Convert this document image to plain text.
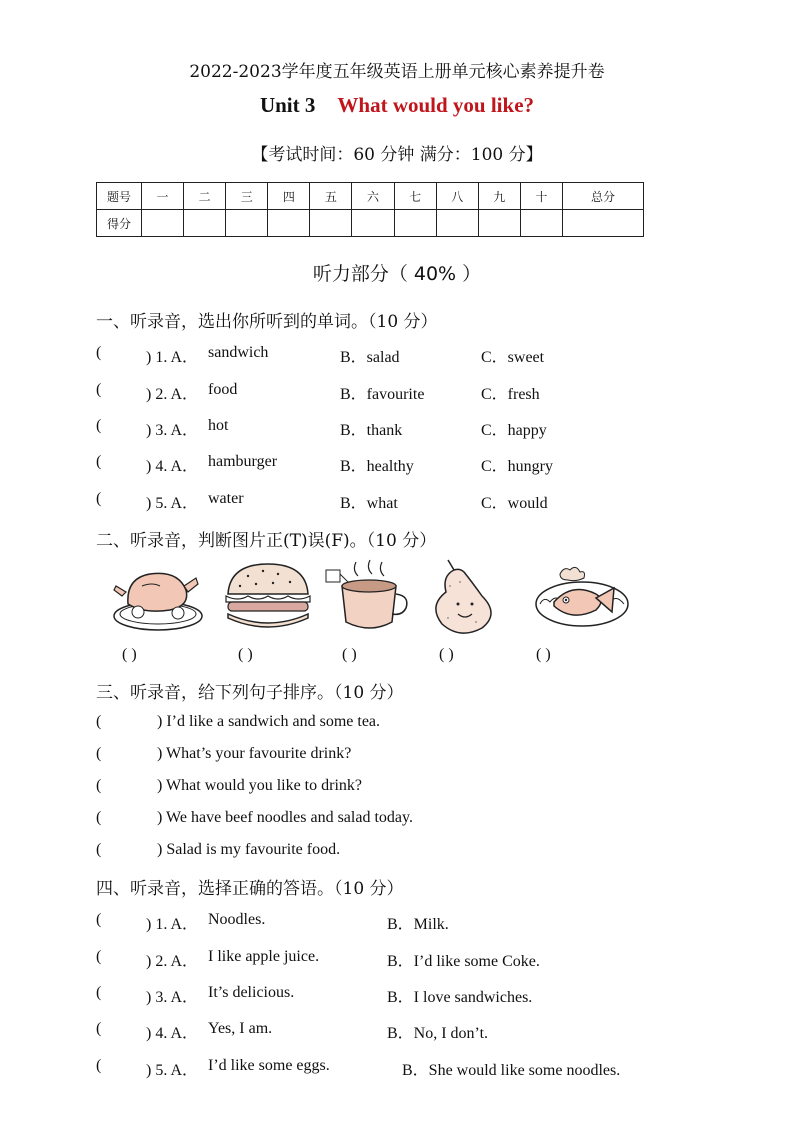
2022-2023学年度五年级英语上册单元核心素养提升卷
Unit 3 What would you like?
【考试时间：60 分钟 满分：100 分】
题号	一	二	三	四	五	六	七	八	九	十	总分
得分											
听力部分（ 40% ）
一、听录音，选出你所听到的单词。（10 分）
(	) 1. A． sandwich	B．salad	C．sweet
(	) 2. A． food	B．favourite	C．fresh
(	) 3. A． hot	B．thank	C．happy
(	) 4. A． hamburger	B．healthy	C．hungry
(	) 5. A． water	B．what	C．would
二、听录音，判断图片正(T)误(F)。（10 分）
( )	( )	( )	( )	( )
三、听录音，给下列句子排序。（10 分）
(	) I’d like a sandwich and some tea.
(	) What’s your favourite drink?
(	) What would you like to drink?
(	) We have beef noodles and salad today.
(	) Salad is my favourite food.
四、听录音，选择正确的答语。（10 分）
(	) 1. A． Noodles.	B．Milk.
(	) 2. A． I like apple juice.	B．I’d like some Coke.
(	) 3. A． It’s delicious.	B．I love sandwiches.
(	) 4. A． Yes, I am.	B．No, I don’t.
(	) 5. A． I’d like some eggs.	B．She would like some noodles.
